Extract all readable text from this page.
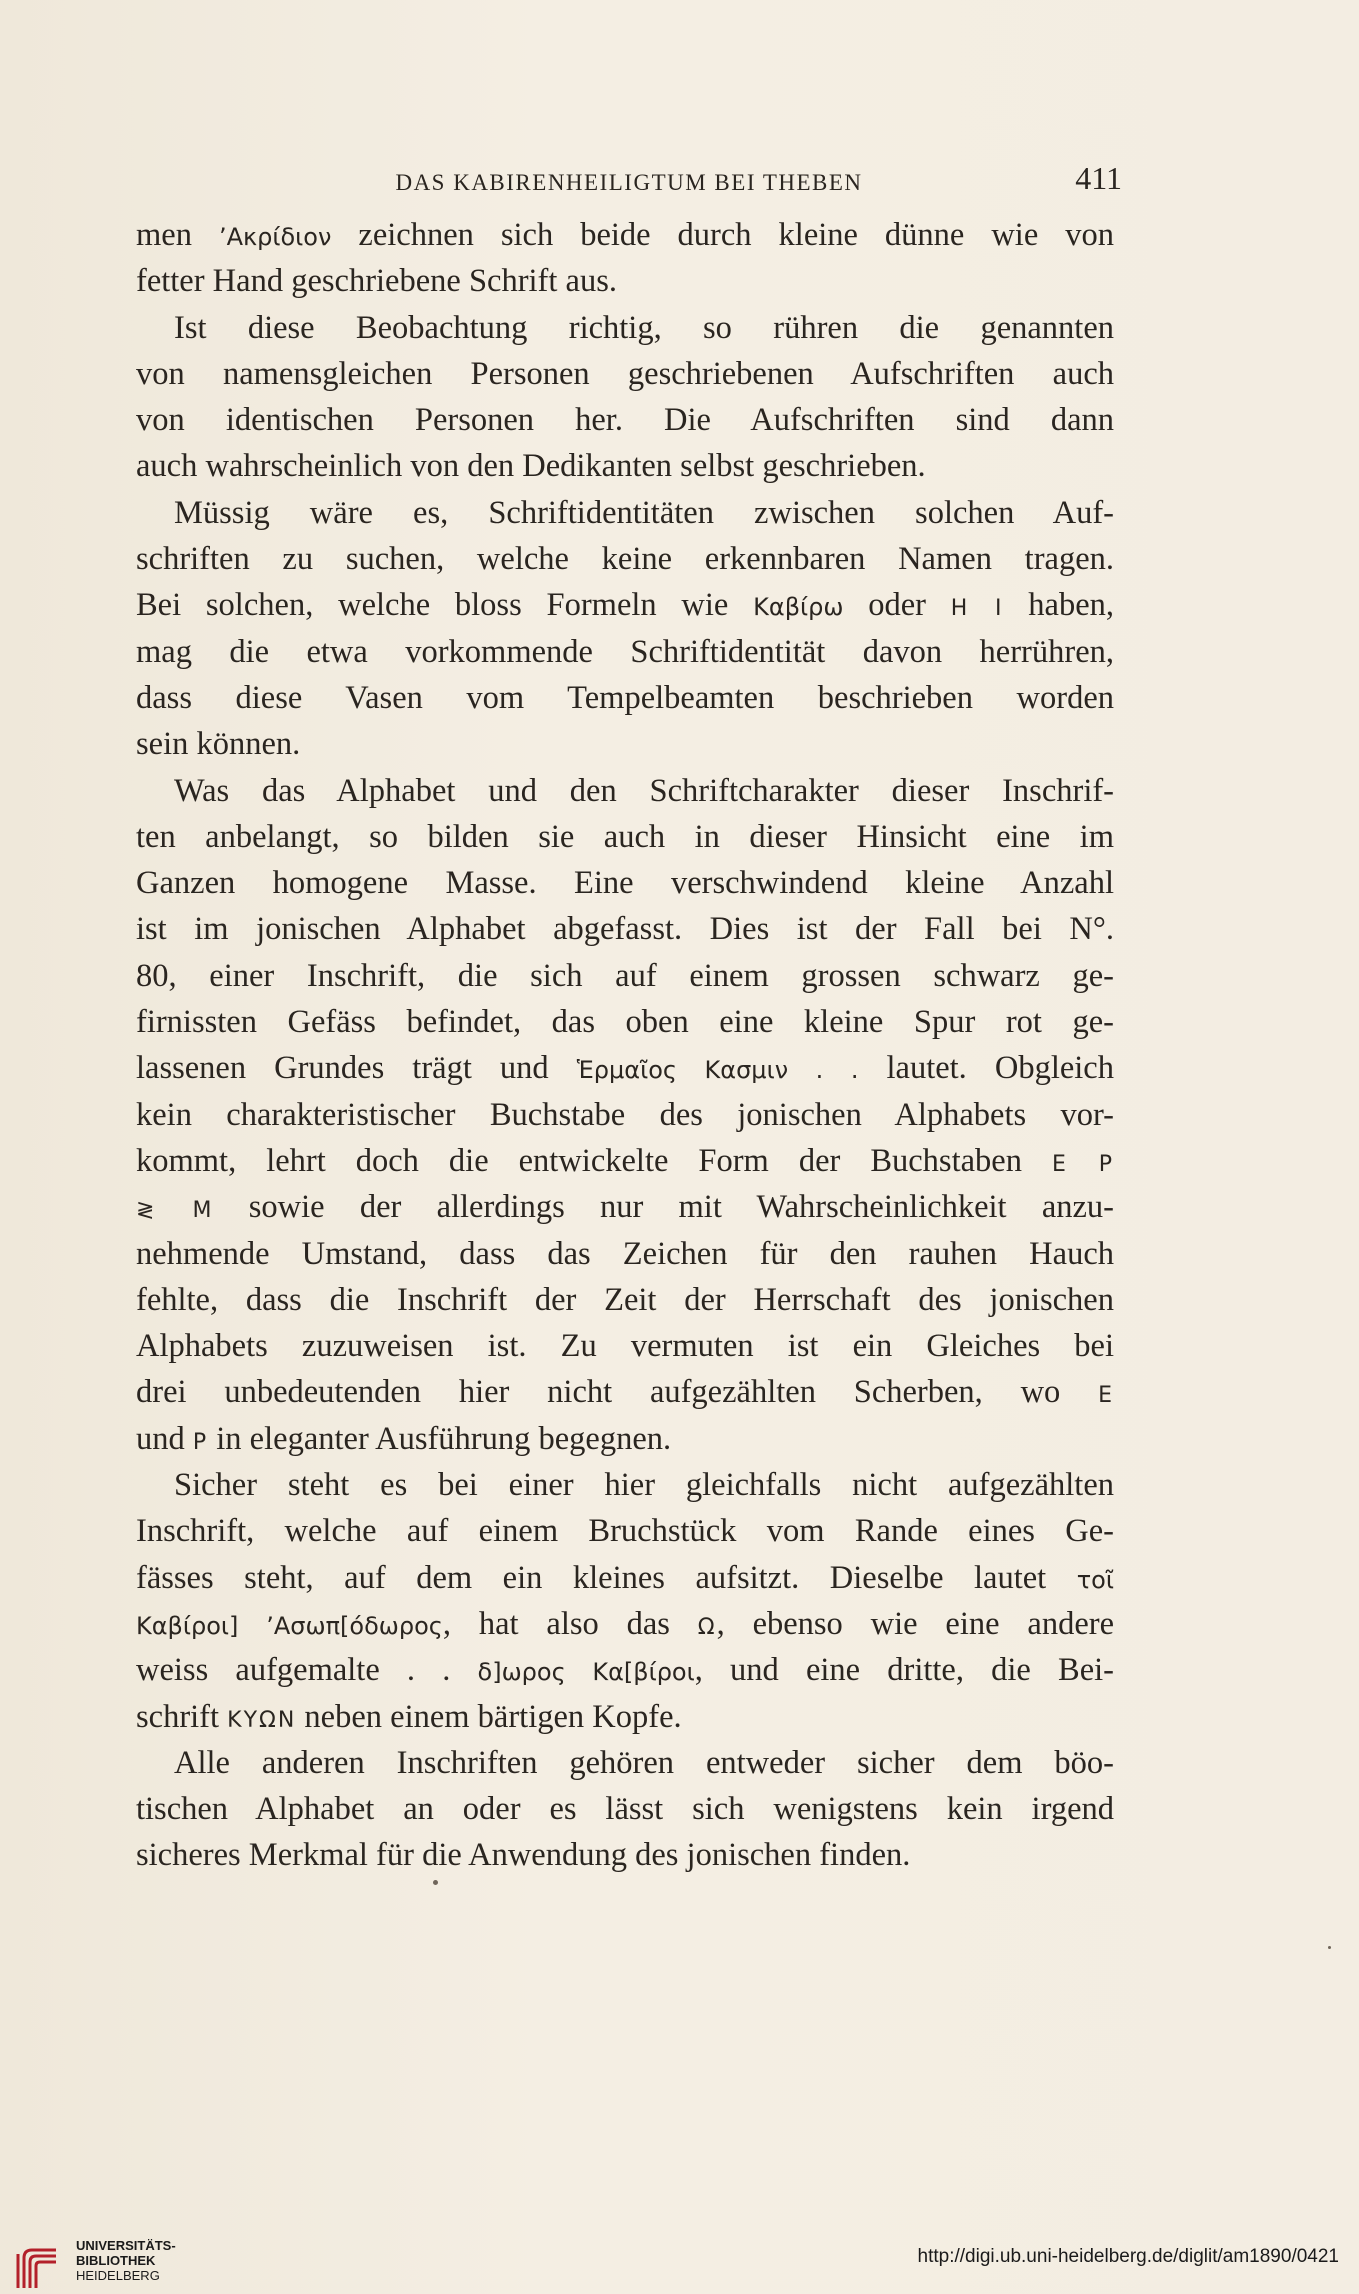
DAS KABIRENHEILIGTUM BEI THEBEN	411
men ʼΑκρίδιον zeichnen sich beide durch kleine dünne wie von
fetter Hand geschriebene Schrift aus.
Ist diese Beobachtung richtig, so rühren die genannten
von namensgleichen Personen geschriebenen Aufschriften auch
von identischen Personen her. Die Aufschriften sind dann
auch wahrscheinlich von den Dedikanten selbst geschrieben.
Müssig wäre es, Schriftidentitäten zwischen solchen Auf-
schriften zu suchen, welche keine erkennbaren Namen tragen.
Bei solchen, welche bloss Formeln wie Καβίρω oder H I haben,
mag die etwa vorkommende Schriftidentität davon herrühren,
dass diese Vasen vom Tempelbeamten beschrieben worden
sein können.
Was das Alphabet und den Schriftcharakter dieser Inschrif-
ten anbelangt, so bilden sie auch in dieser Hinsicht eine im
Ganzen homogene Masse. Eine verschwindend kleine Anzahl
ist im jonischen Alphabet abgefasst. Dies ist der Fall bei N°.
80, einer Inschrift, die sich auf einem grossen schwarz ge-
firnissten Gefäss befindet, das oben eine kleine Spur rot ge-
lassenen Grundes trägt und Ἑρμαῖος Κασμιν . . lautet. Obgleich
kein charakteristischer Buchstabe des jonischen Alphabets vor-
kommt, lehrt doch die entwickelte Form der Buchstaben E P
≷ M sowie der allerdings nur mit Wahrscheinlichkeit anzu-
nehmende Umstand, dass das Zeichen für den rauhen Hauch
fehlte, dass die Inschrift der Zeit der Herrschaft des jonischen
Alphabets zuzuweisen ist. Zu vermuten ist ein Gleiches bei
drei unbedeutenden hier nicht aufgezählten Scherben, wo E
und P in eleganter Ausführung begegnen.
Sicher steht es bei einer hier gleichfalls nicht aufgezählten
Inschrift, welche auf einem Bruchstück vom Rande eines Ge-
fässes steht, auf dem ein kleines aufsitzt. Dieselbe lautet τοῖ
Καβίροι] ʼΑσωπ[όδωρος, hat also das Ω, ebenso wie eine andere
weiss aufgemalte . . δ]ωρος Κα[βίροι, und eine dritte, die Bei-
schrift ΚΥΩΝ neben einem bärtigen Kopfe.
Alle anderen Inschriften gehören entweder sicher dem böo-
tischen Alphabet an oder es lässt sich wenigstens kein irgend
sicheres Merkmal für die Anwendung des jonischen finden.
UNIVERSITÄTS-
BIBLIOTHEK
HEIDELBERG
http://digi.ub.uni-heidelberg.de/diglit/am1890/0421
